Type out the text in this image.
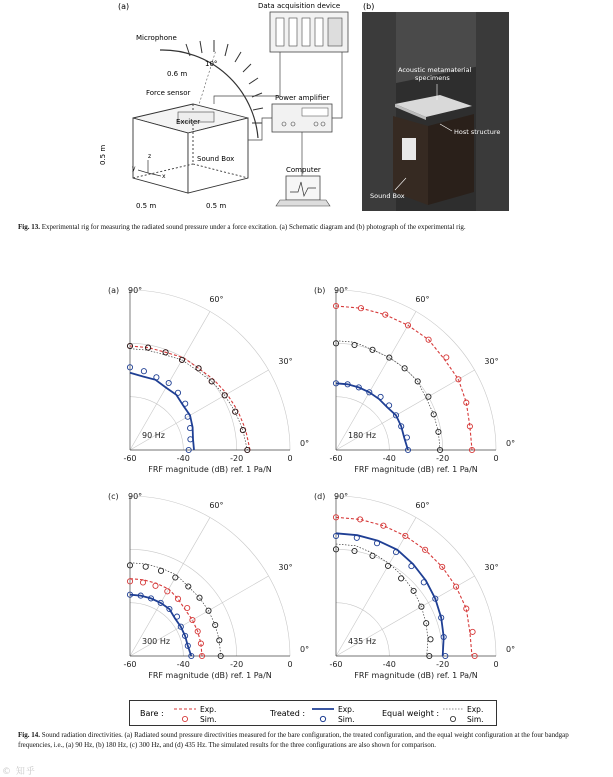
(a)	Data acquisition device
Microphone
0.6 m
10°
Force sensor
Exciter
Sound Box
0.5 m
0.5 m	0.5 m
z
x
y
Power amplifier
Computer
(b)
Acoustic metamaterial
specimens
Host structure
Sound Box
Fig. 13. Experimental rig for measuring the radiated sound pressure under a force excitation. (a) Schematic diagram and (b) photograph of the experimental rig.
(a) 90°
60°
30°
0°
-60	-40	-20	0
90 Hz
FRF magnitude (dB) ref. 1 Pa/N
(b) 90°
60°
30°
0°
-60	-40	-20	0
180 Hz
FRF magnitude (dB) ref. 1 Pa/N
(c) 90°
60°
30°
0°
-60	-40	-20	0
300 Hz
FRF magnitude (dB) ref. 1 Pa/N
(d) 90°
60°
30°
0°
-60	-40	-20	0
435 Hz
FRF magnitude (dB) ref. 1 Pa/N
Bare :	Exp.
Sim.
Treated :	Exp.
Sim.
Equal weight :	Exp.
Sim.
Fig. 14. Sound radiation directivities. (a) Radiated sound pressure directivities measured for the bare configuration, the treated configuration, and the equal weight configuration at the four bandgap frequencies, i.e., (a) 90 Hz, (b) 180 Hz, (c) 300 Hz, and (d) 435 Hz. The simulated results for the three configurations are also shown for comparison.
© 知乎
